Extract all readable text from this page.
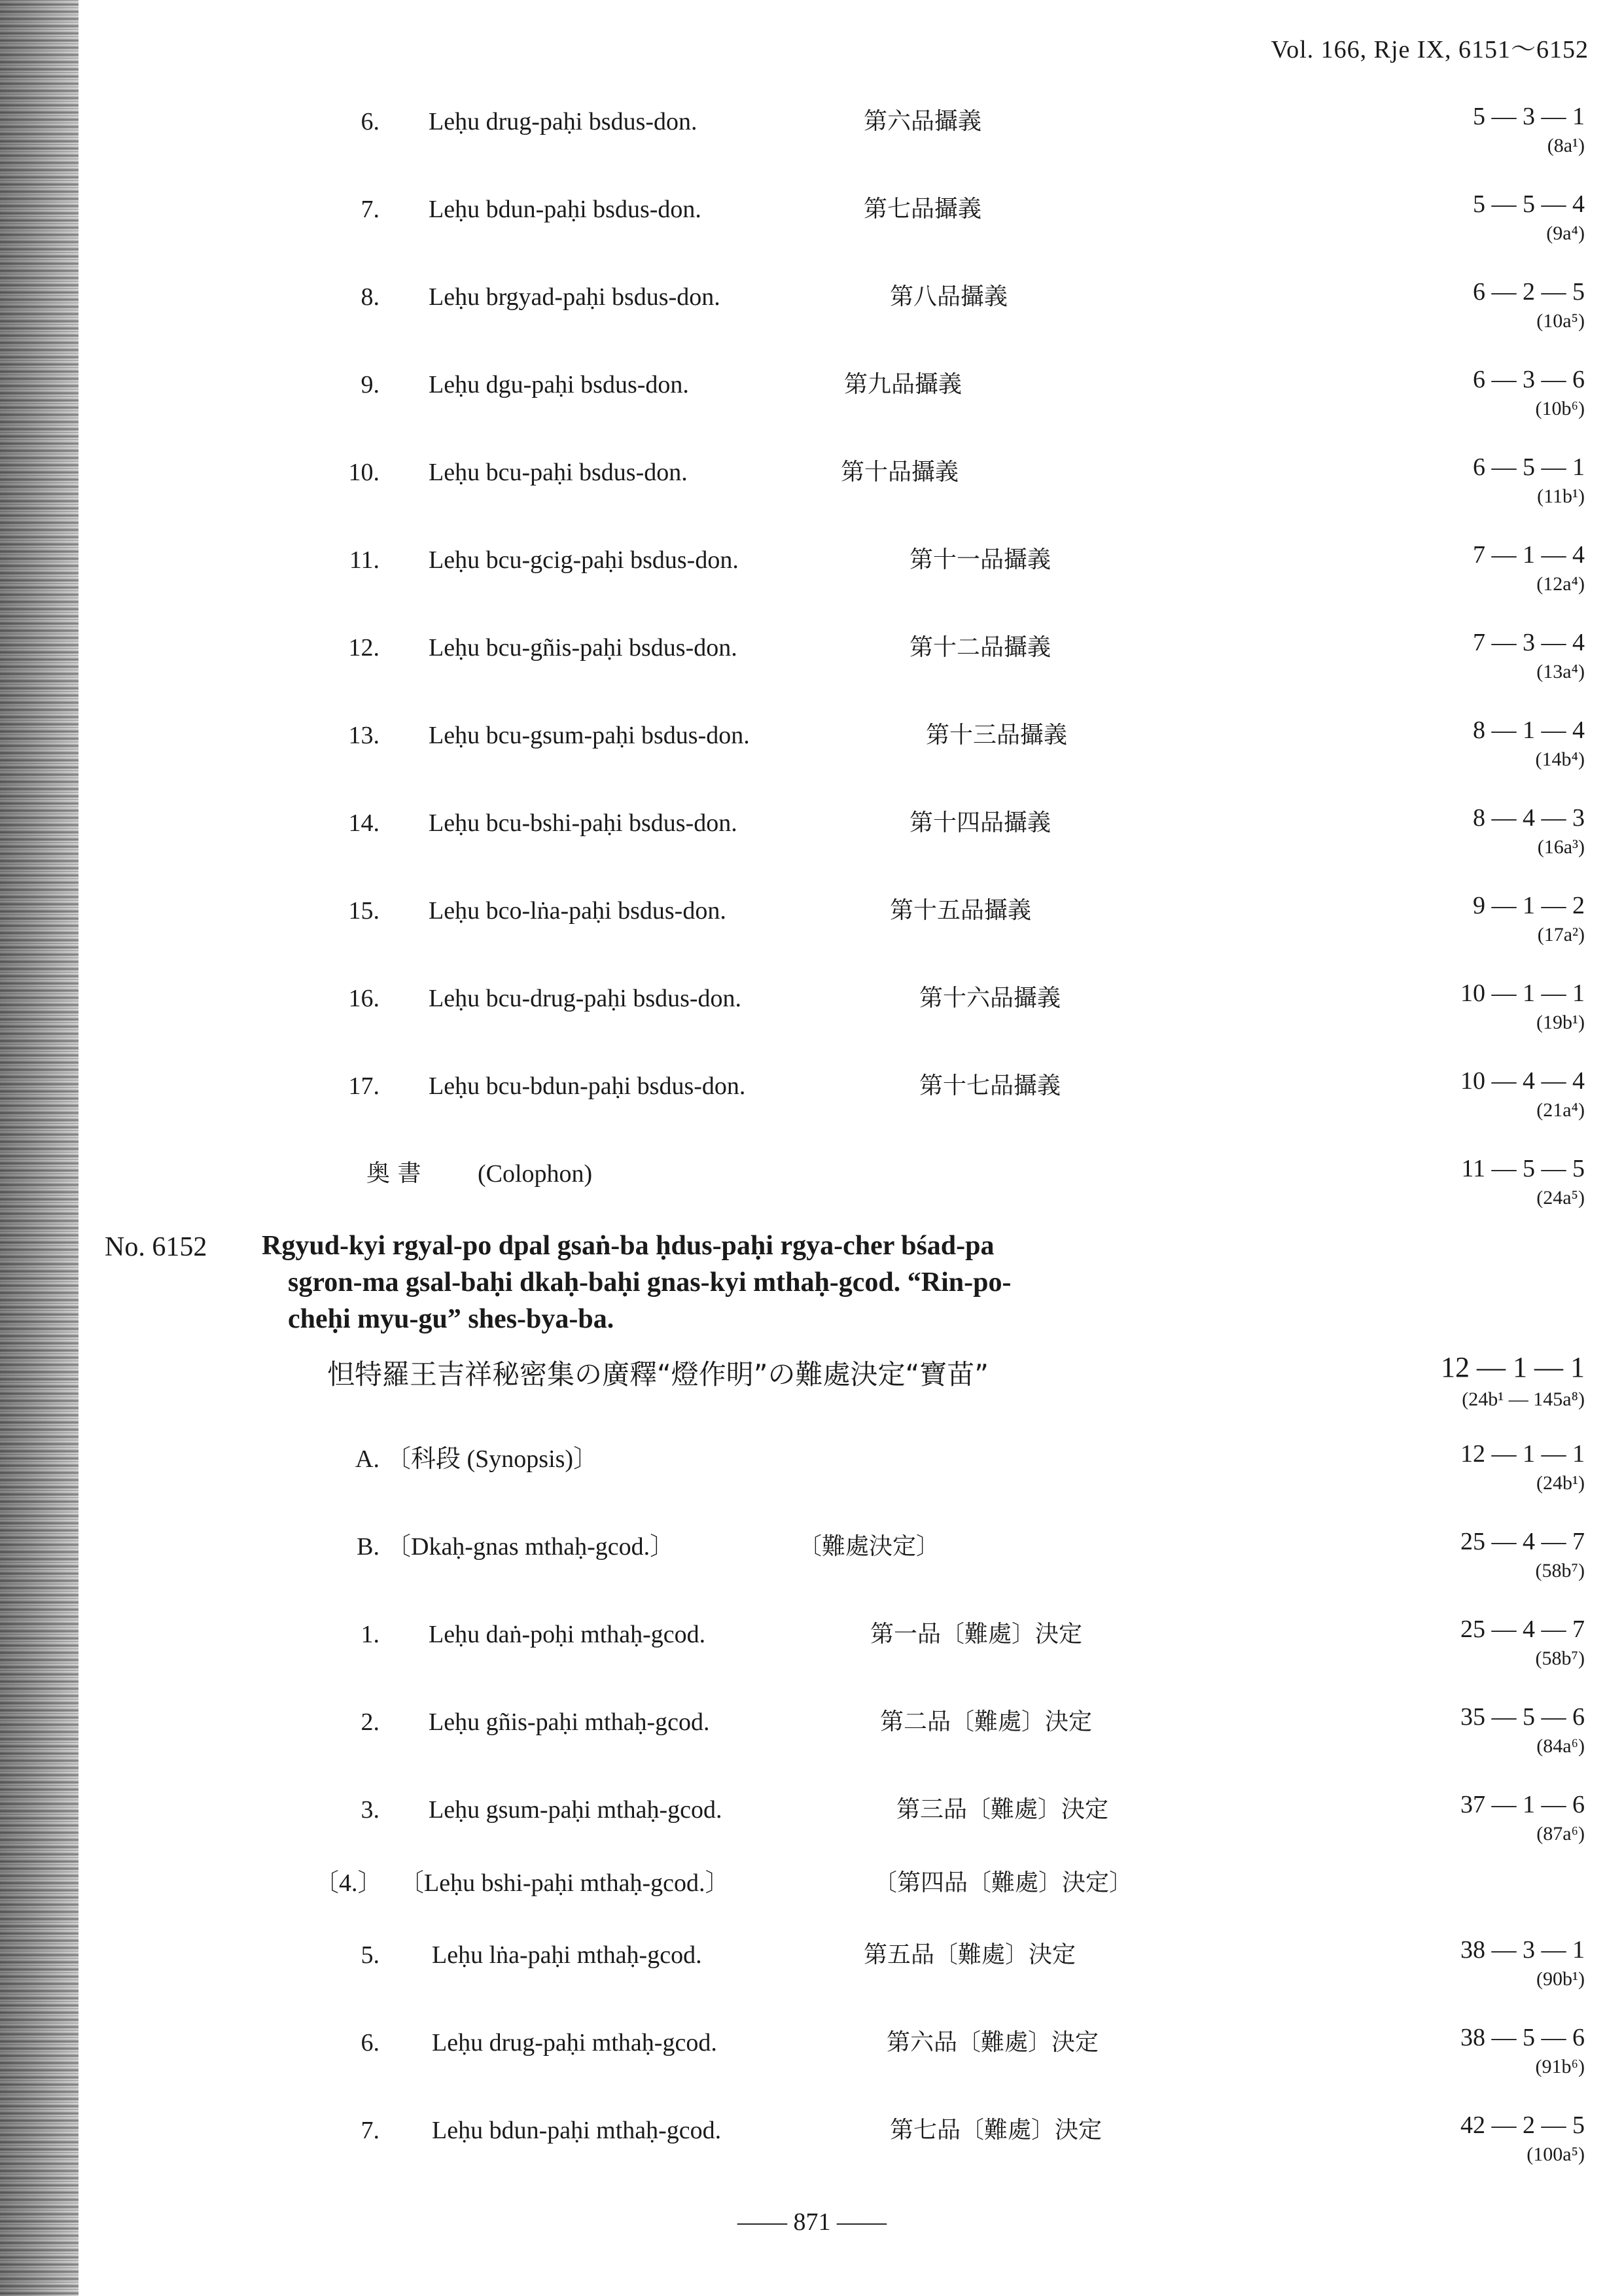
Vol. 166, Rje IX, 6151～6152
6. Leḥu drug-paḥi bsdus-don.	第六品攝義	5 — 3 — 1
(8a¹)
7. Leḥu bdun-paḥi bsdus-don.	第七品攝義	5 — 5 — 4
(9a⁴)
8. Leḥu brgyad-paḥi bsdus-don.	第八品攝義	6 — 2 — 5
(10a⁵)
9. Leḥu dgu-paḥi bsdus-don.	第九品攝義	6 — 3 — 6
(10b⁶)
10. Leḥu bcu-paḥi bsdus-don.	第十品攝義	6 — 5 — 1
(11b¹)
11. Leḥu bcu-gcig-paḥi bsdus-don.	第十一品攝義	7 — 1 — 4
(12a⁴)
12. Leḥu bcu-gñis-paḥi bsdus-don.	第十二品攝義	7 — 3 — 4
(13a⁴)
13. Leḥu bcu-gsum-paḥi bsdus-don.	第十三品攝義	8 — 1 — 4
(14b⁴)
14. Leḥu bcu-bshi-paḥi bsdus-don.	第十四品攝義	8 — 4 — 3
(16a³)
15. Leḥu bco-lṅa-paḥi bsdus-don.	第十五品攝義	9 — 1 — 2
(17a²)
16. Leḥu bcu-drug-paḥi bsdus-don.	第十六品攝義	10 — 1 — 1
(19b¹)
17. Leḥu bcu-bdun-paḥi bsdus-don.	第十七品攝義	10 — 4 — 4
(21a⁴)
奥 書 (Colophon)	11 — 5 — 5
(24a⁵)
No. 6152 Rgyud-kyi rgyal-po dpal gsaṅ-ba ḥdus-paḥi rgya-cher bśad-pa
sgron-ma gsal-baḥi dkaḥ-baḥi gnas-kyi mthaḥ-gcod. “Rin-po-
cheḥi myu-gu” shes-bya-ba.
怛特羅王吉祥秘密集の廣釋“燈作明”の難處決定“寶苗”	12 — 1 — 1
(24b¹ — 145a⁸)
A. 〔科段 (Synopsis)〕	12 — 1 — 1
(24b¹)
B. 〔Dkaḥ-gnas mthaḥ-gcod.〕	〔難處決定〕	25 — 4 — 7
(58b⁷)
1. Leḥu daṅ-poḥi mthaḥ-gcod.	第一品〔難處〕決定	25 — 4 — 7
(58b⁷)
2. Leḥu gñis-paḥi mthaḥ-gcod.	第二品〔難處〕決定	35 — 5 — 6
(84a⁶)
3. Leḥu gsum-paḥi mthaḥ-gcod.	第三品〔難處〕決定	37 — 1 — 6
(87a⁶)
〔4.〕 〔Leḥu bshi-paḥi mthaḥ-gcod.〕	〔第四品〔難處〕決定〕
5. Leḥu lṅa-paḥi mthaḥ-gcod.	第五品〔難處〕決定	38 — 3 — 1
(90b¹)
6. Leḥu drug-paḥi mthaḥ-gcod.	第六品〔難處〕決定	38 — 5 — 6
(91b⁶)
7. Leḥu bdun-paḥi mthaḥ-gcod.	第七品〔難處〕決定	42 — 2 — 5
(100a⁵)
—— 871 ——
